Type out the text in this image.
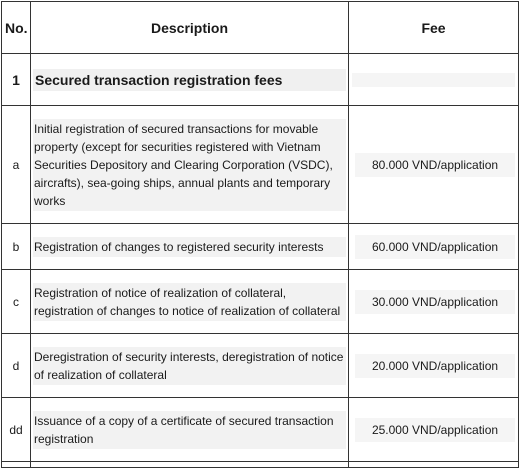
No.	Description	Fee
1	Secured transaction registration fees	

a	Initial registration of secured transactions for movable property (except for securities registered with Vietnam Securities Depository and Clearing Corporation (VSDC), aircrafts), sea-going ships, annual plants and temporary works	80.000 VND/application

b	Registration of changes to registered security interests	60.000 VND/application

c	Registration of notice of realization of collateral, registration of changes to notice of realization of collateral	30.000 VND/application

d	Deregistration of security interests, deregistration of notice of realization of collateral	20.000 VND/application

dd	Issuance of a copy of a certificate of secured transaction registration	25.000 VND/application
